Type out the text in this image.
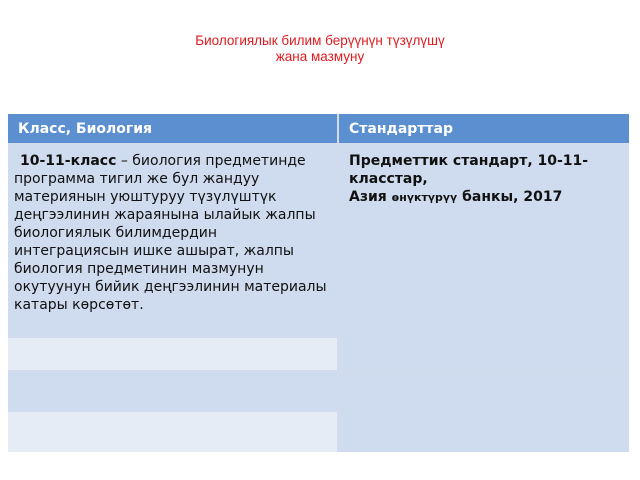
Биологиялык билим берүүнүн түзүлүшү
жана мазмуну
Класс, Биология	Стандарттар
10-11-класс – биология предметинде программа тигил же бул жандуу материянын уюштуруу түзүлүштүк деңгээлинин жараянына ылайык жалпы биологиялык билимдердин интеграциясын ишке ашырат, жалпы биология предметинин мазмунун окутуунун бийик деңгээлинин материалы катары көрсөтөт.
Предметтик стандарт, 10-11- класстар,
Азия өнүктүрүү банкы, 2017
